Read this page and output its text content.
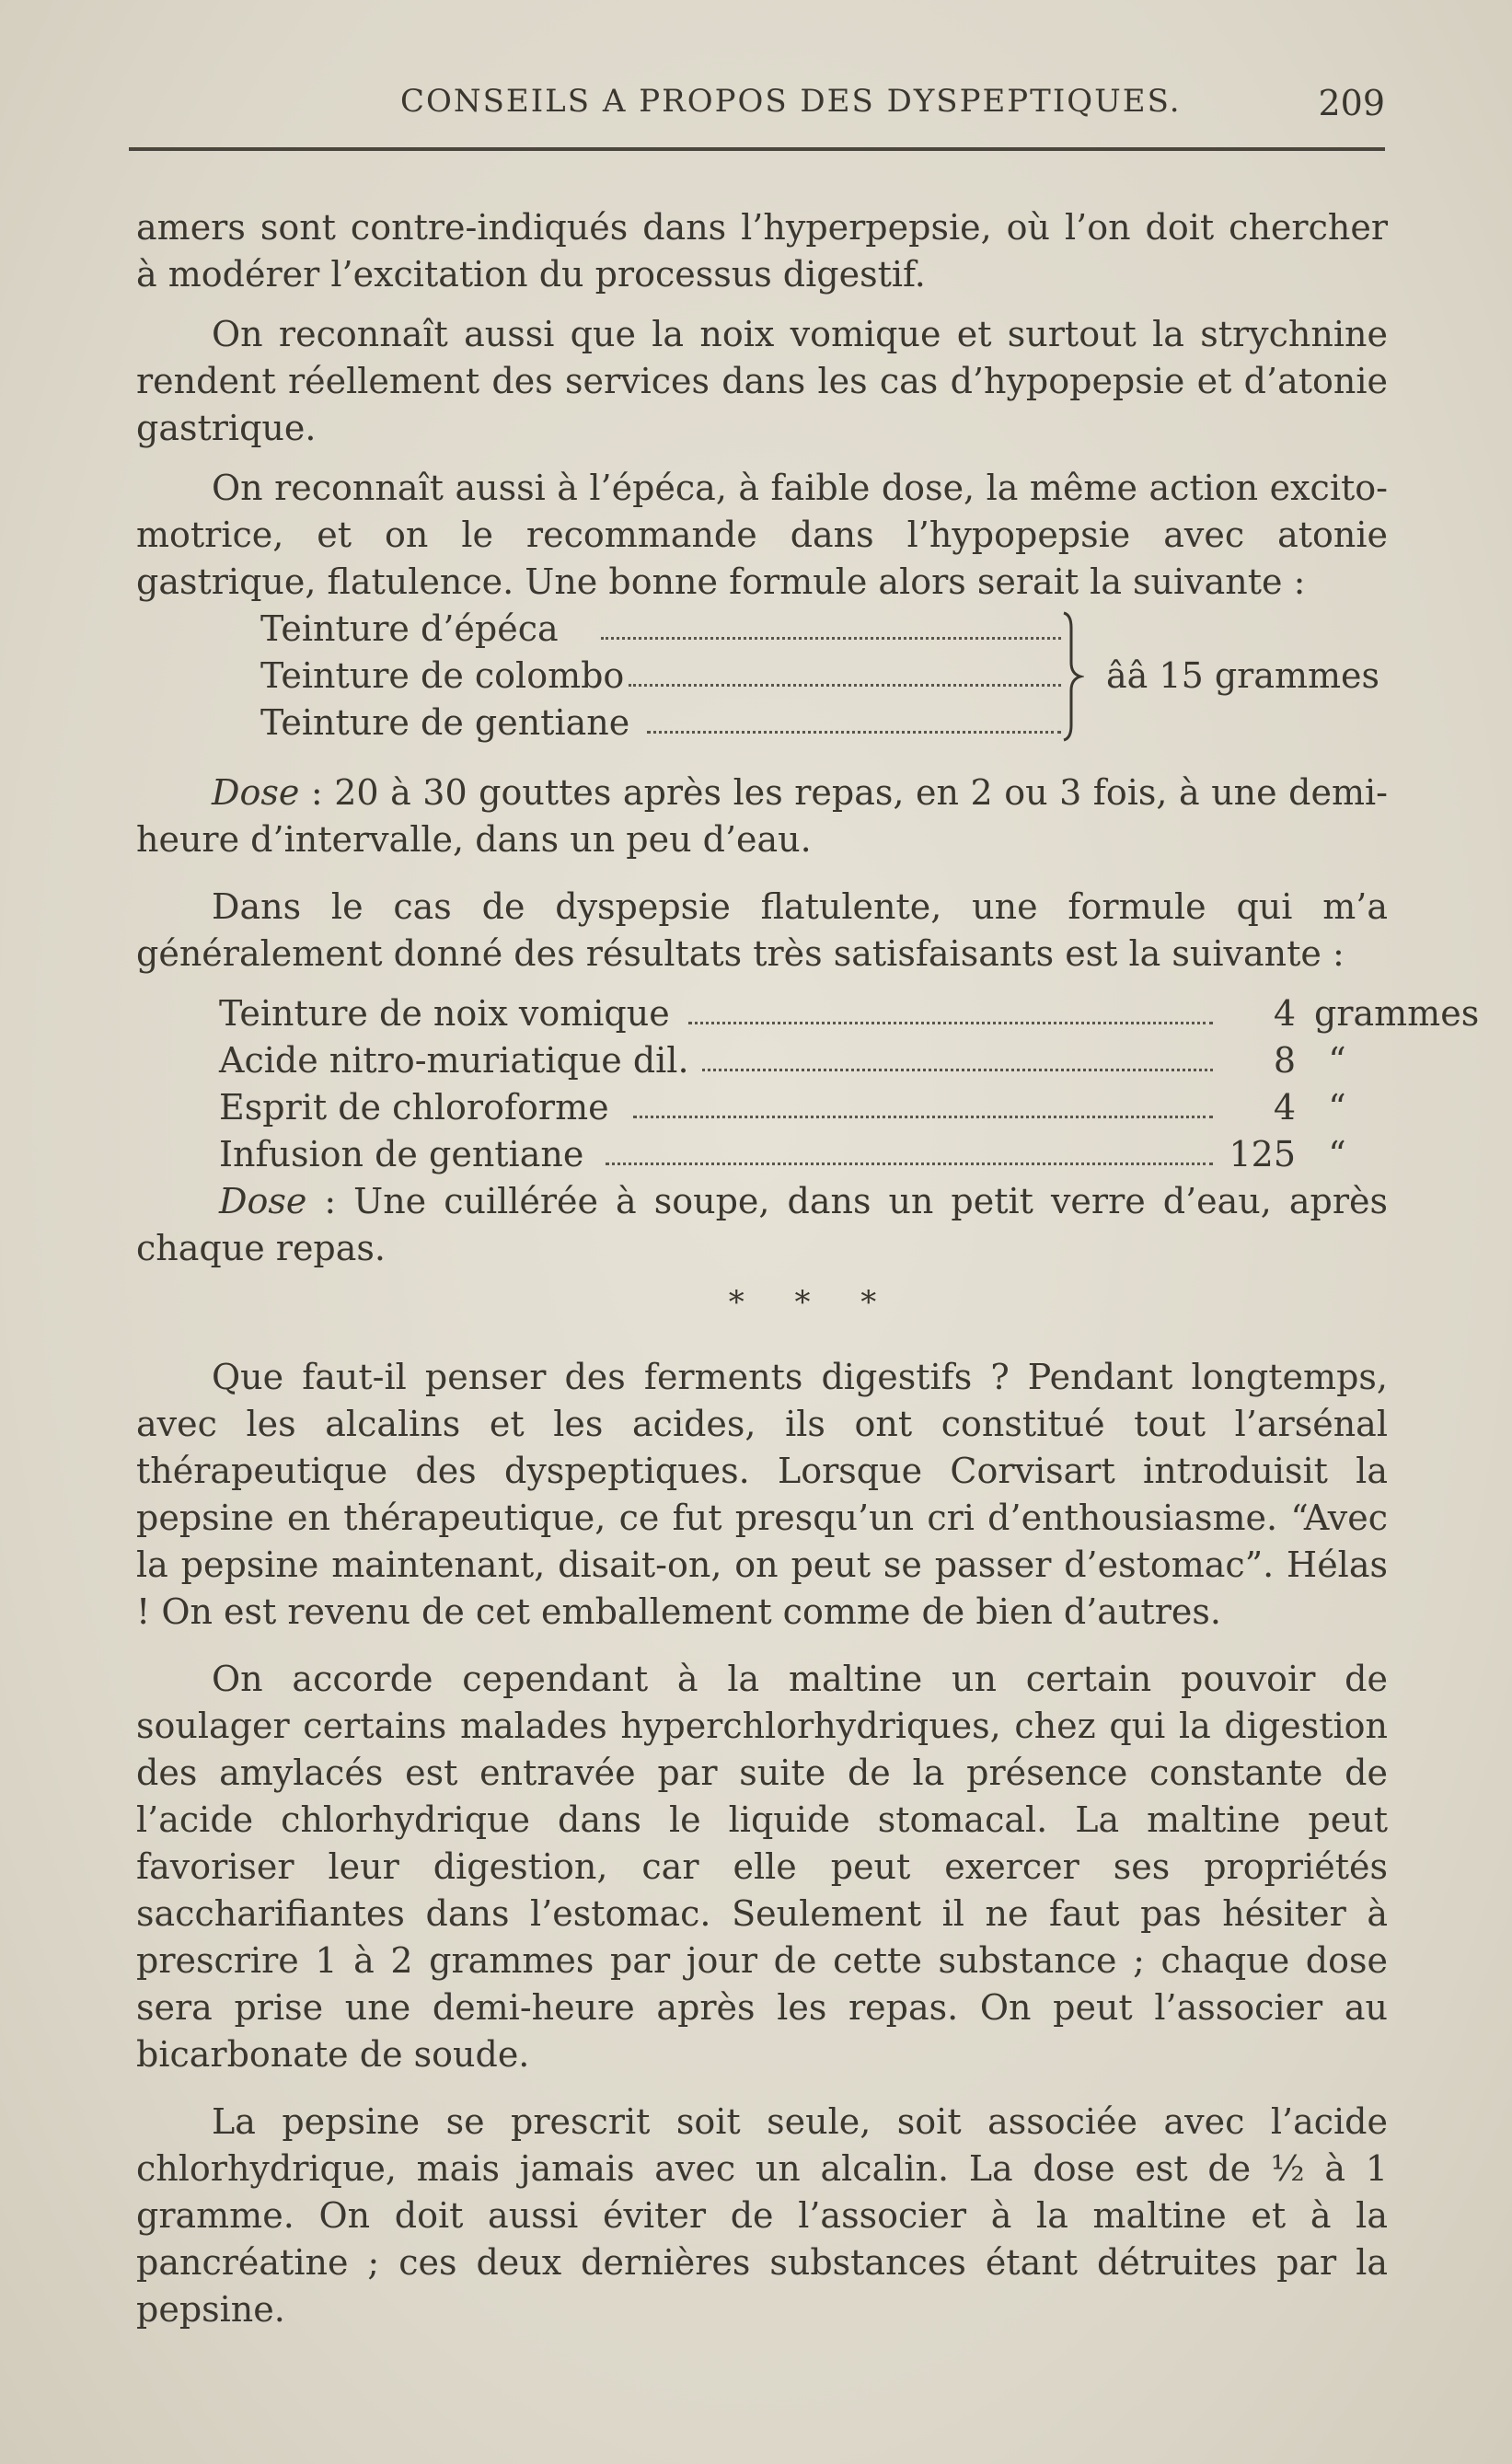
CONSEILS A PROPOS DES DYSPEPTIQUES.	209

amers sont contre-indiqués dans l’hyperpepsie, où l’on doit chercher à modérer l’excitation du processus digestif.

On reconnaît aussi que la noix vomique et surtout la strychnine rendent réellement des services dans les cas d’hypopepsie et d’atonie gastrique.

On reconnaît aussi à l’épéca, à faible dose, la même action excito-motrice, et on le recommande dans l’hypopepsie avec atonie gastrique, flatulence. Une bonne formule alors serait la suivante :

Teinture d’épéca
Teinture de colombo
Teinture de gentiane
ââ 15 grammes

Dose : 20 à 30 gouttes après les repas, en 2 ou 3 fois, à une demi-heure d’intervalle, dans un peu d’eau.

Dans le cas de dyspepsie flatulente, une formule qui m’a généralement donné des résultats très satisfaisants est la suivante :

Teinture de noix vomique	4 grammes
Acide nitro-muriatique dil.	8 “
Esprit de chloroforme	4 “
Infusion de gentiane	125 “

Dose : Une cuillérée à soupe, dans un petit verre d’eau, après chaque repas.

* * *

Que faut-il penser des ferments digestifs ? Pendant longtemps, avec les alcalins et les acides, ils ont constitué tout l’arsénal thérapeutique des dyspeptiques. Lorsque Corvisart introduisit la pepsine en thérapeutique, ce fut presqu’un cri d’enthousiasme. “Avec la pepsine maintenant, disait-on, on peut se passer d’estomac”. Hélas ! On est revenu de cet emballement comme de bien d’autres.

On accorde cependant à la maltine un certain pouvoir de soulager certains malades hyperchlorhydriques, chez qui la digestion des amylacés est entravée par suite de la présence constante de l’acide chlorhydrique dans le liquide stomacal. La maltine peut favoriser leur digestion, car elle peut exercer ses propriétés saccharifiantes dans l’estomac. Seulement il ne faut pas hésiter à prescrire 1 à 2 grammes par jour de cette substance ; chaque dose sera prise une demi-heure après les repas. On peut l’associer au bicarbonate de soude.

La pepsine se prescrit soit seule, soit associée avec l’acide chlorhydrique, mais jamais avec un alcalin. La dose est de ½ à 1 gramme. On doit aussi éviter de l’associer à la maltine et à la pancréatine ; ces deux dernières substances étant détruites par la pepsine.
